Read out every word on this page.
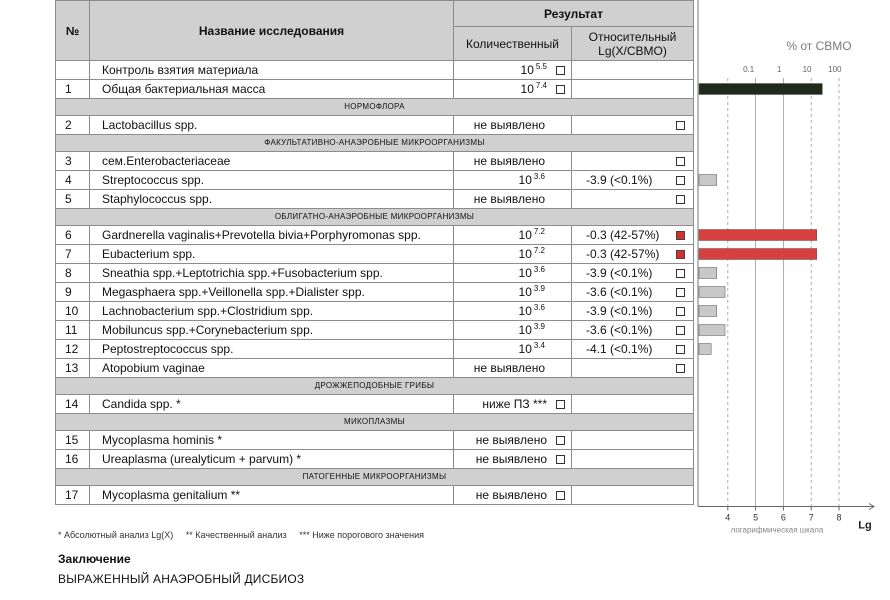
№	Название исследования	Результат	
		Количественный	Относительный
Lg(X/СВМО)

	Контроль взятия материала	10 $^{5.5}$	
1	Общая бактериальная масса	10 $^{7.4}$	
НОРМОФЛОРА			
2	Lactobacillus spp.	не выявлено	

ФАКУЛЬТАТИВНО-АНАЭРОБНЫЕ МИКРООРГАНИЗМЫ			
3	сем.Enterobacteriaceae	не выявлено	

4	Streptococcus spp.	10 $^{3.6}$	-3.9 (<0.1%)

5	Staphylococcus spp.	не выявлено	

ОБЛИГАТНО-АНАЭРОБНЫЕ МИКРООРГАНИЗМЫ			
6	Gardnerella vaginalis+Prevotella bivia+Porphyromonas spp.	10 $^{7.2}$	-0.3 (42-57%)

7	Eubacterium spp.	10 $^{7.2}$	-0.3 (42-57%)

8	Sneathia spp.+Leptotrichia spp.+Fusobacterium spp.	10 $^{3.6}$	-3.9 (<0.1%)

9	Megasphaera spp.+Veillonella spp.+Dialister spp.	10 $^{3.9}$	-3.6 (<0.1%)

10	Lachnobacterium spp.+Clostridium spp.	10 $^{3.6}$	-3.9 (<0.1%)

11	Mobiluncus spp.+Corynebacterium spp.	10 $^{3.9}$	-3.6 (<0.1%)

12	Peptostreptococcus spp.	10 $^{3.4}$	-4.1 (<0.1%)

13	Atopobium vaginae	не выявлено	

ДРОЖЖЕПОДОБНЫЕ ГРИБЫ			
14	Candida spp. *	ниже ПЗ ***	
МИКОПЛАЗМЫ			
15	Mycoplasma hominis *	не выявлено	
16	Ureaplasma (urealyticum + parvum) *	не выявлено	
ПАТОГЕННЫЕ МИКРООРГАНИЗМЫ			
17	Mycoplasma genitalium **	не выявлено	
% от СВМО
0.1	1	10 100
4	5	6	7	8
логарифмическая шкала	Lg
* Абсолютный анализ Lg(X) ** Качественный анализ *** Ниже порогового значения
Заключение
ВЫРАЖЕННЫЙ АНАЭРОБНЫЙ ДИСБИОЗ
